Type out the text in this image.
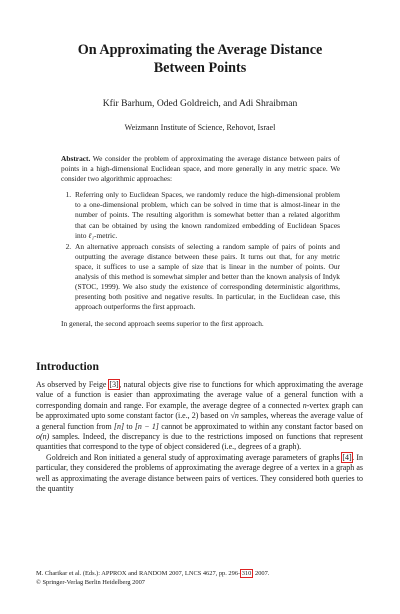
On Approximating the Average Distance
Between Points
Kfir Barhum, Oded Goldreich, and Adi Shraibman
Weizmann Institute of Science, Rehovot, Israel
Abstract. We consider the problem of approximating the average distance between pairs of points in a high-dimensional Euclidean space, and more generally in any metric space. We consider two algorithmic approaches:
1. Referring only to Euclidean Spaces, we randomly reduce the high-dimensional problem to a one-dimensional problem, which can be solved in time that is almost-linear in the number of points. The resulting algorithm is somewhat better than a related algorithm that can be obtained by using the known randomized embedding of Euclidean Spaces into ℓ₁-metric.
2. An alternative approach consists of selecting a random sample of pairs of points and outputting the average distance between these pairs. It turns out that, for any metric space, it suffices to use a sample of size that is linear in the number of points. Our analysis of this method is somewhat simpler and better than the known analysis of Indyk (STOC, 1999). We also study the existence of corresponding deterministic algorithms, presenting both positive and negative results. In particular, in the Euclidean case, this approach outperforms the first approach.
In general, the second approach seems superior to the first approach.
Introduction

As observed by Feige [3], natural objects give rise to functions for which approximating the average value of a function is easier than approximating the average value of a general function with a corresponding domain and range. For example, the average degree of a connected n-vertex graph can be approximated upto some constant factor (i.e., 2) based on √n samples, whereas the average value of a general function from [n] to [n − 1] cannot be approximated to within any constant factor based on o(n) samples. Indeed, the discrepancy is due to the restrictions imposed on functions that represent quantities that correspond to the type of object considered (i.e., degrees of a graph).

Goldreich and Ron initiated a general study of approximating average parameters of graphs [4]. In particular, they considered the problems of approximating the average degree of a vertex in a graph as well as approximating the average distance between pairs of vertices. They considered both queries to the quantity

M. Charikar et al. (Eds.): APPROX and RANDOM 2007, LNCS 4627, pp. 296–310, 2007.
© Springer-Verlag Berlin Heidelberg 2007
